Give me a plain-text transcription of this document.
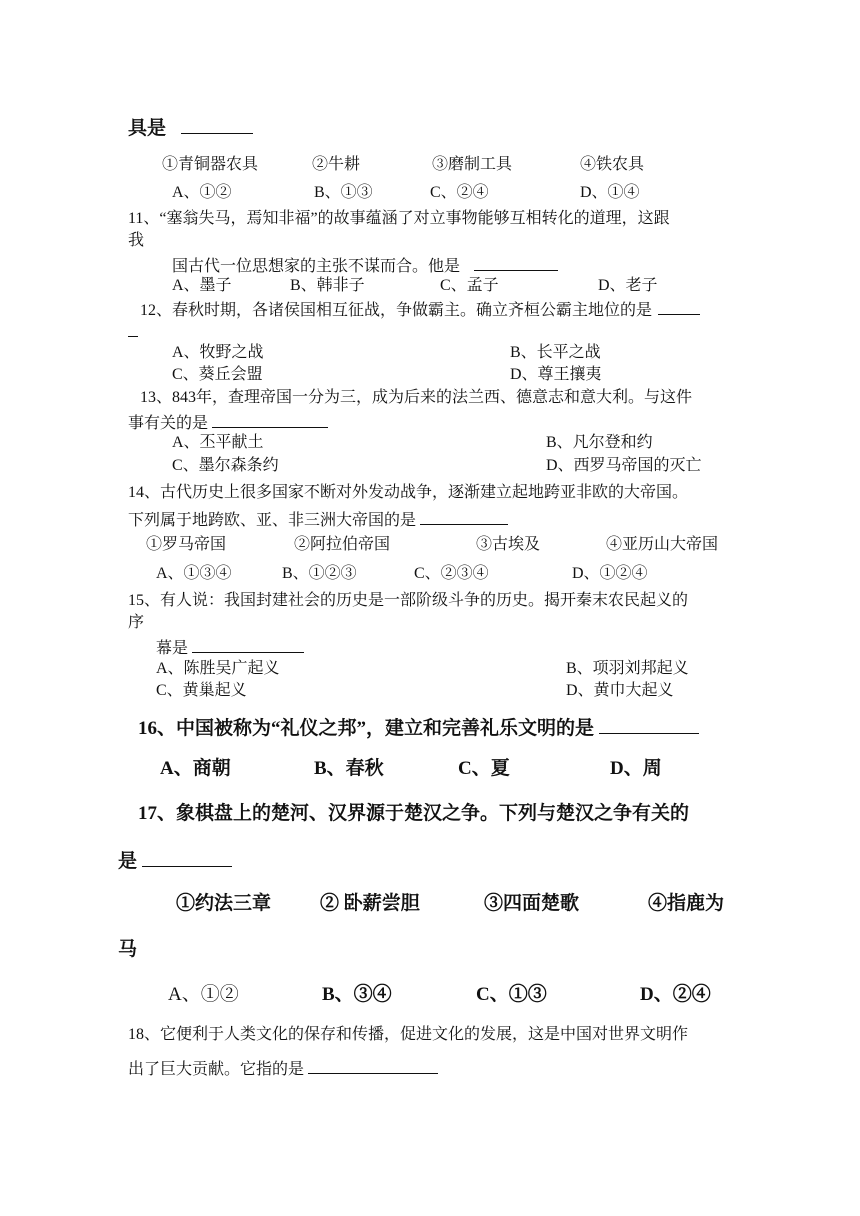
具是
①青铜器农具	②牛耕	③磨制工具	④铁农具
A、①②	B、①③	C、②④	D、①④
11、“塞翁失马，焉知非福”的故事蕴涵了对立事物能够互相转化的道理，这跟
我
国古代一位思想家的主张不谋而合。他是
A、墨子	B、韩非子	C、孟子	D、老子
12、春秋时期，各诸侯国相互征战，争做霸主。确立齐桓公霸主地位的是
A、牧野之战	B、长平之战
C、葵丘会盟	D、尊王攘夷
13、843年，查理帝国一分为三，成为后来的法兰西、德意志和意大利。与这件
事有关的是
A、丕平献土	B、凡尔登和约
C、墨尔森条约	D、西罗马帝国的灭亡
14、古代历史上很多国家不断对外发动战争，逐渐建立起地跨亚非欧的大帝国。
下列属于地跨欧、亚、非三洲大帝国的是
①罗马帝国	②阿拉伯帝国	③古埃及	④亚历山大帝国
A、①③④	B、①②③	C、②③④	D、①②④
15、有人说：我国封建社会的历史是一部阶级斗争的历史。揭开秦末农民起义的
序
幕是
A、陈胜吴广起义	B、项羽刘邦起义
C、黄巢起义	D、黄巾大起义
16、中国被称为“礼仪之邦”，建立和完善礼乐文明的是
A、商朝	B、春秋	C、夏	D、周
17、象棋盘上的楚河、汉界源于楚汉之争。下列与楚汉之争有关的
是
①约法三章	② 卧薪尝胆	③四面楚歌	④指鹿为
马
A、①②	B、③④	C、①③	D、②④
18、它便利于人类文化的保存和传播，促进文化的发展，这是中国对世界文明作
出了巨大贡献。它指的是
